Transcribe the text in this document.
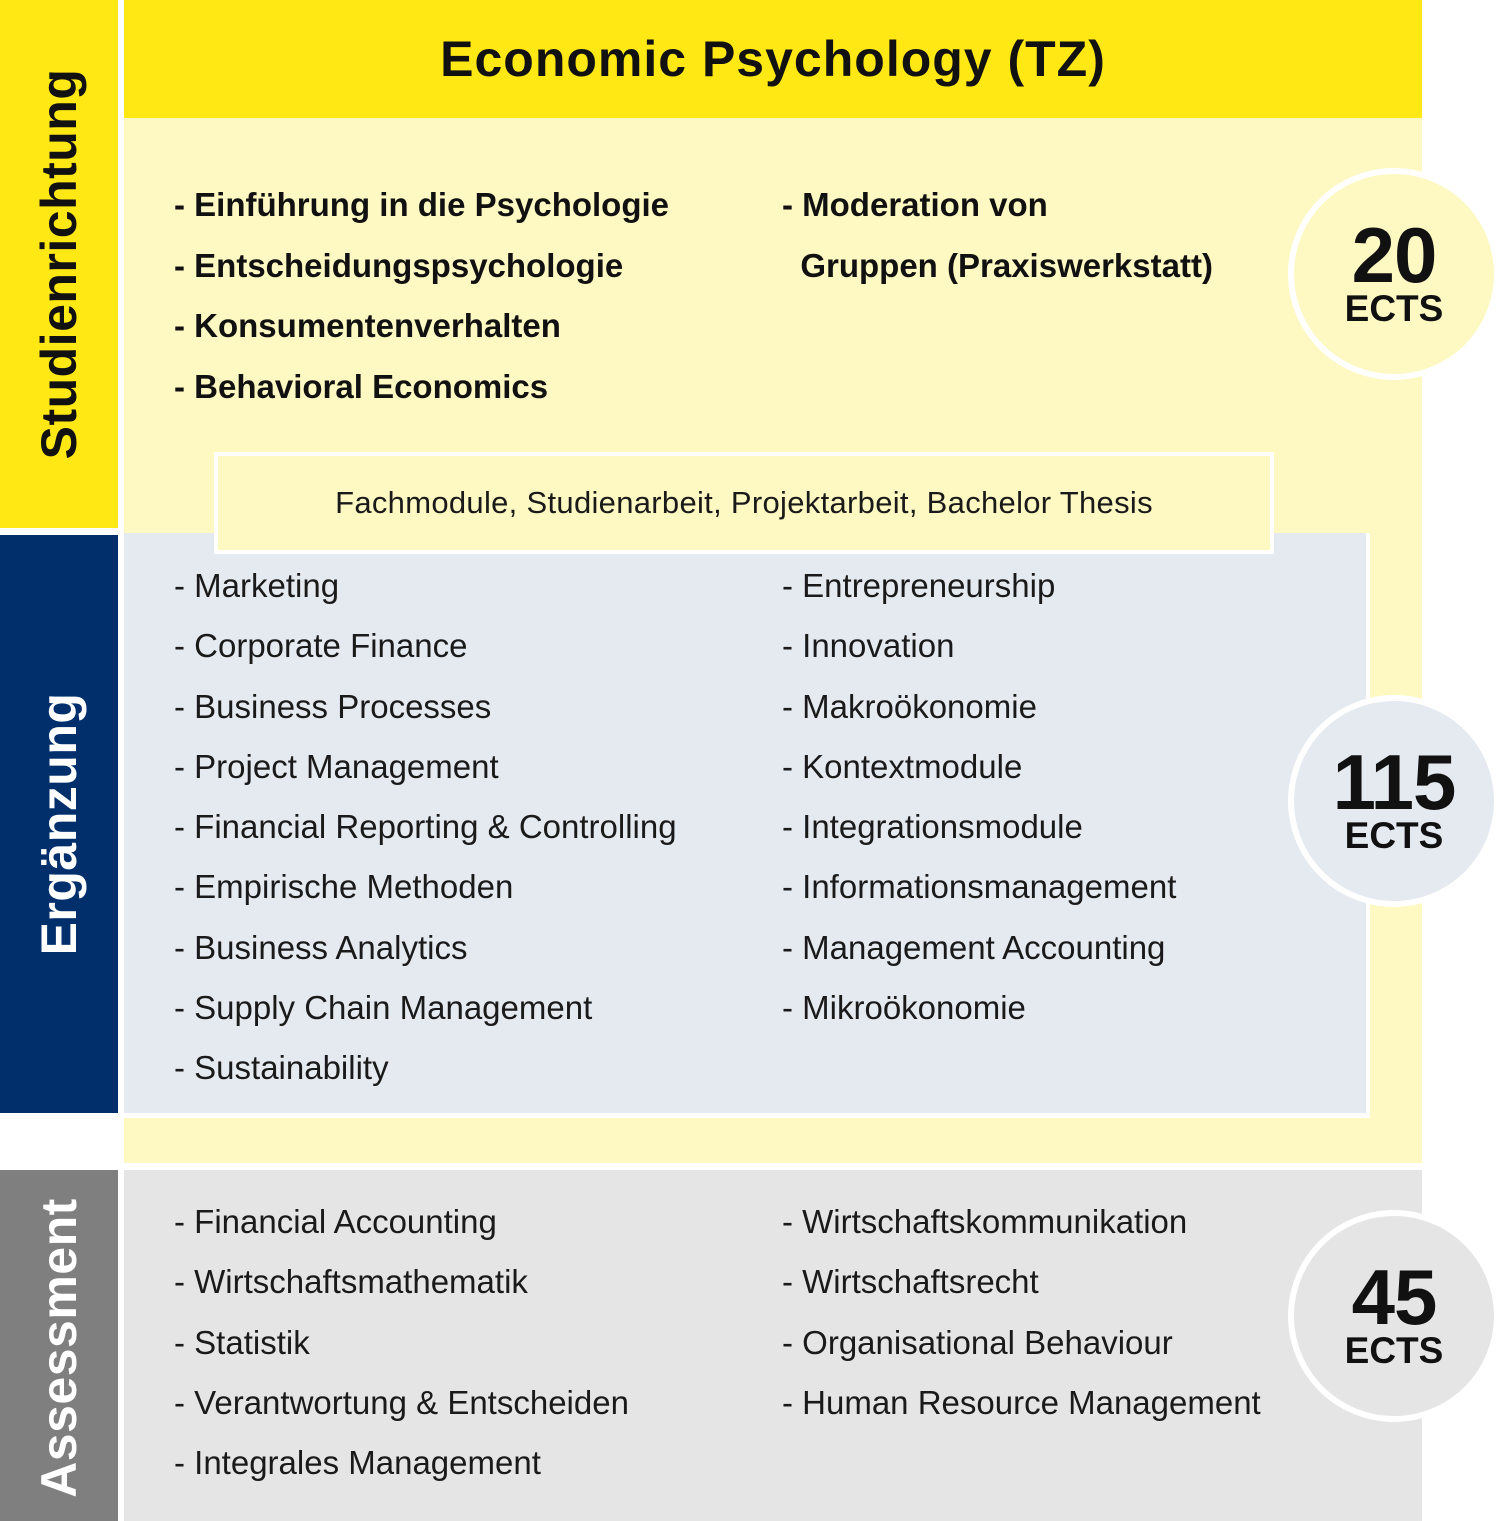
Studienrichtung
Ergänzung
Assessment
Economic Psychology (TZ)
- Einführung in die Psychologie
- Entscheidungspsychologie
- Konsumentenverhalten
- Behavioral Economics
- Moderation von
Gruppen (Praxiswerkstatt)
Fachmodule, Studienarbeit, Projektarbeit, Bachelor Thesis
- Marketing
- Corporate Finance
- Business Processes
- Project Management
- Financial Reporting & Controlling
- Empirische Methoden
- Business Analytics
- Supply Chain Management
- Sustainability
- Entrepreneurship
- Innovation
- Makroökonomie
- Kontextmodule
- Integrationsmodule
- Informationsmanagement
- Management Accounting
- Mikroökonomie
- Financial Accounting
- Wirtschaftsmathematik
- Statistik
- Verantwortung & Entscheiden
- Integrales Management
- Wirtschaftskommunikation
- Wirtschaftsrecht
- Organisational Behaviour
- Human Resource Management
20
ECTS
115
ECTS
45
ECTS
